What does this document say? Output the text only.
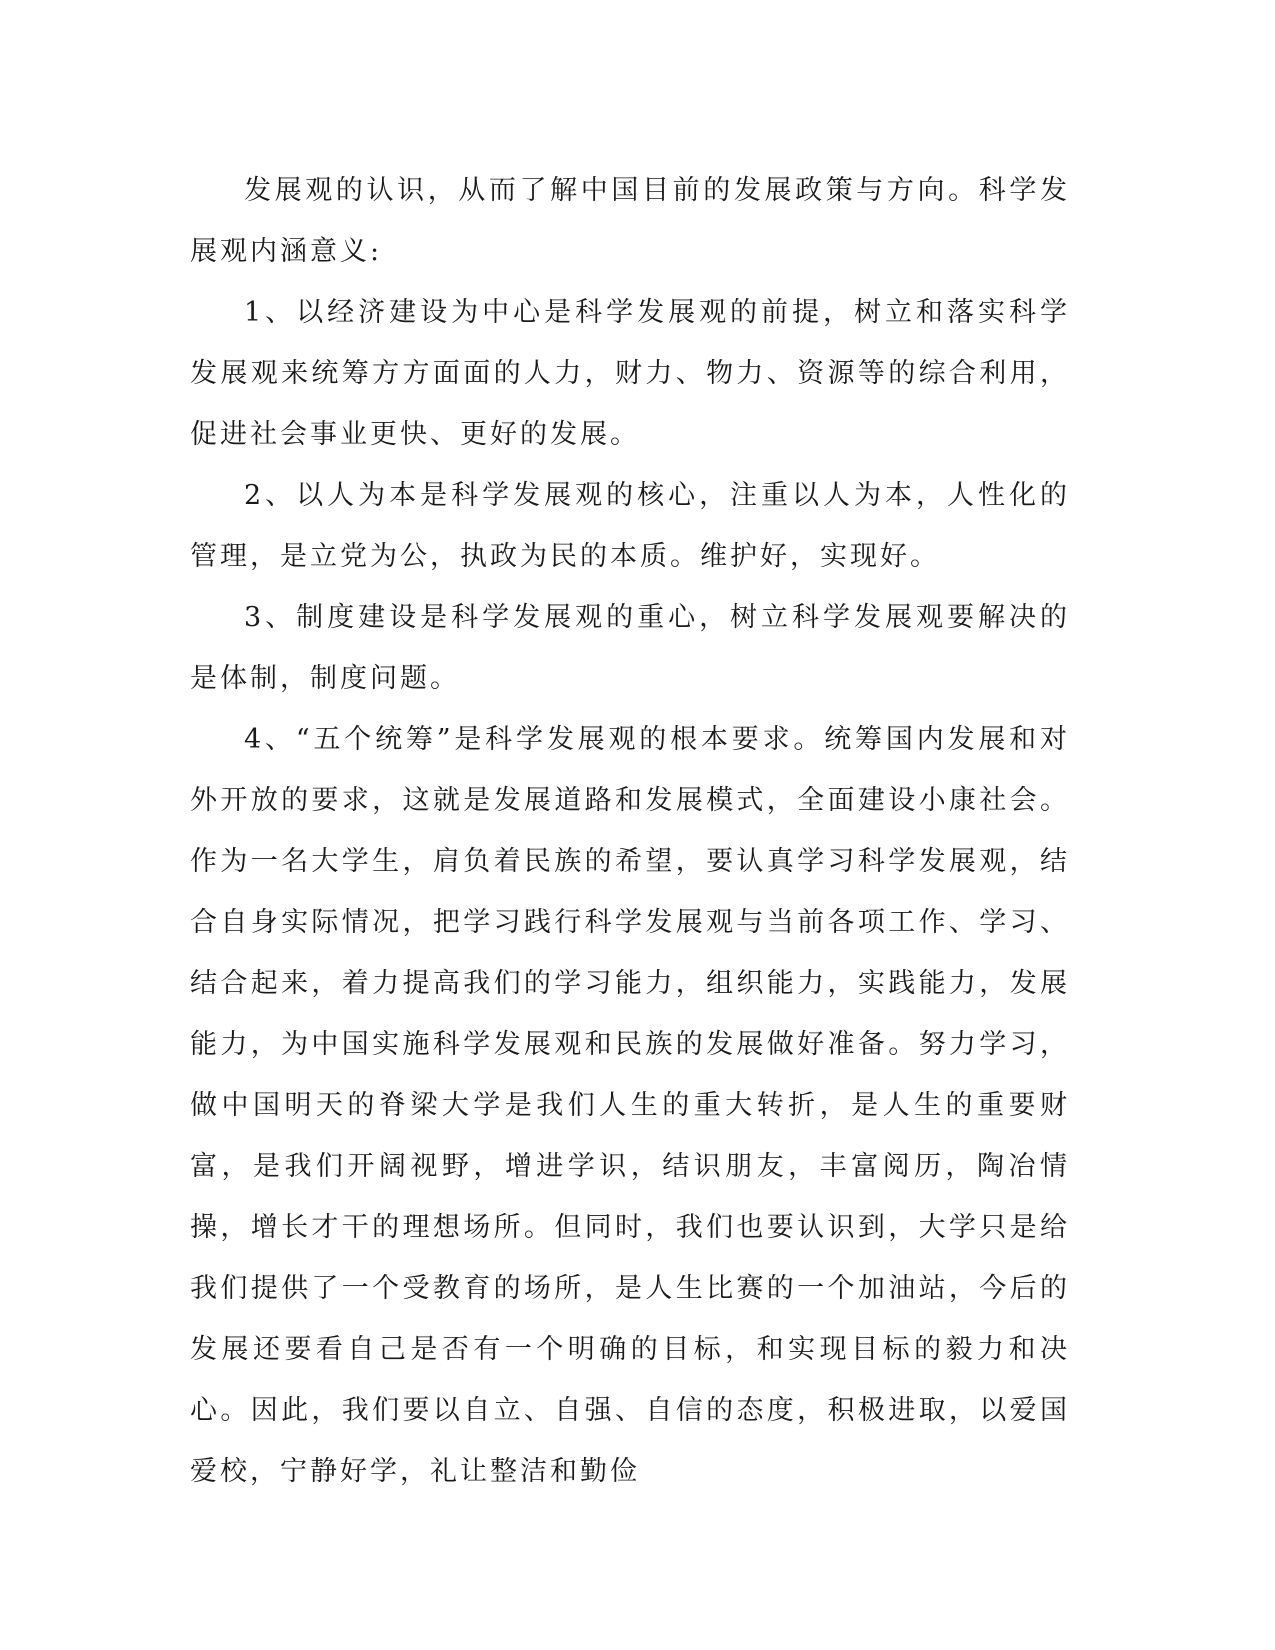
发展观的认识，从而了解中国目前的发展政策与方向。科学发展观内涵意义:

1、以经济建设为中心是科学发展观的前提，树立和落实科学发展观来统筹方方面面的人力，财力、物力、资源等的综合利用，促进社会事业更快、更好的发展。

2、以人为本是科学发展观的核心，注重以人为本，人性化的管理，是立党为公，执政为民的本质。维护好，实现好。

3、制度建设是科学发展观的重心，树立科学发展观要解决的是体制，制度问题。

4、“五个统筹”是科学发展观的根本要求。统筹国内发展和对外开放的要求，这就是发展道路和发展模式，全面建设小康社会。作为一名大学生，肩负着民族的希望，要认真学习科学发展观，结合自身实际情况，把学习践行科学发展观与当前各项工作、学习、结合起来，着力提高我们的学习能力，组织能力，实践能力，发展能力，为中国实施科学发展观和民族的发展做好准备。努力学习，做中国明天的脊梁大学是我们人生的重大转折，是人生的重要财富，是我们开阔视野，增进学识，结识朋友，丰富阅历，陶冶情操，增长才干的理想场所。但同时，我们也要认识到，大学只是给我们提供了一个受教育的场所，是人生比赛的一个加油站，今后的发展还要看自己是否有一个明确的目标，和实现目标的毅力和决心。因此，我们要以自立、自强、自信的态度，积极进取，以爱国爱校，宁静好学，礼让整洁和勤俭
